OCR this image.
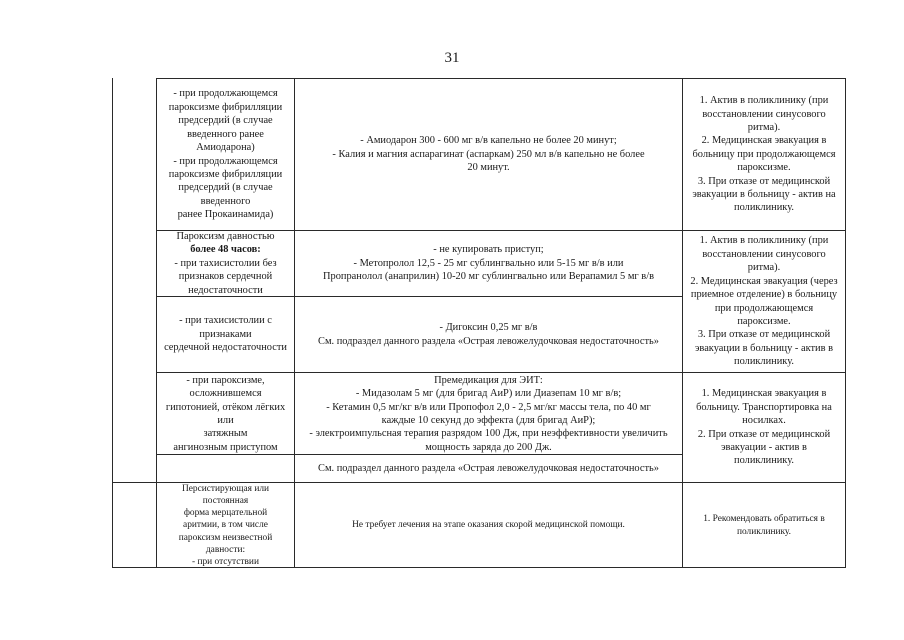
31
- при продолжающемся
пароксизме фибрилляции
предсердий (в случае
введенного ранее
Амиодарона)
- при продолжающемся
пароксизме фибрилляции
предсердий (в случае
введенного
ранее Прокаинамида)
- Амиодарон 300 - 600 мг в/в капельно не более 20 минут;
- Калия и магния аспарагинат (аспаркам) 250 мл в/в капельно не более
20 минут.
1. Актив в поликлинику (при
восстановлении синусового
ритма).
2. Медицинская эвакуация в
больницу при продолжающемся
пароксизме.
3. При отказе от медицинской
эвакуации в больницу - актив на
поликлинику.
Пароксизм давностью
более 48 часов:
- при тахисистолии без
признаков сердечной
недостаточности
- не купировать приступ;
- Метопролол 12,5 - 25 мг сублингвально или 5-15 мг в/в или
Пропранолол (анаприлин) 10-20 мг сублингвально или Верапамил 5 мг в/в
1. Актив в поликлинику (при
восстановлении синусового
ритма).
2. Медицинская эвакуация (через
приемное отделение) в больницу
при продолжающемся
пароксизме.
3. При отказе от медицинской
эвакуации в больницу - актив в
поликлинику.
- при тахисистолии с
признаками
сердечной недостаточности
- Дигоксин 0,25 мг в/в
См. подраздел данного раздела «Острая левожелудочковая недостаточность»
- при пароксизме,
осложнившемся
гипотонией, отёком лёгких
или
затяжным
ангинозным приступом
Премедикация для ЭИТ:
- Мидазолам 5 мг (для бригад АиР) или Диазепам 10 мг в/в;
- Кетамин 0,5 мг/кг в/в или Пропофол 2,0 - 2,5 мг/кг массы тела, по 40 мг
каждые 10 секунд до эффекта (для бригад АиР);
- электроимпульсная терапия разрядом 100 Дж, при неэффективности увеличить
мощность заряда до 200 Дж.
1. Медицинская эвакуация в
больницу. Транспортировка на
носилках.
2. При отказе от медицинской
эвакуации - актив в
поликлинику.
См. подраздел данного раздела «Острая левожелудочковая недостаточность»
Персистирующая или
постоянная
форма мерцательной
аритмии, в том числе
пароксизм неизвестной
давности:
- при отсутствии
Не требует лечения на этапе оказания скорой медицинской помощи.
1. Рекомендовать обратиться в
поликлинику.
